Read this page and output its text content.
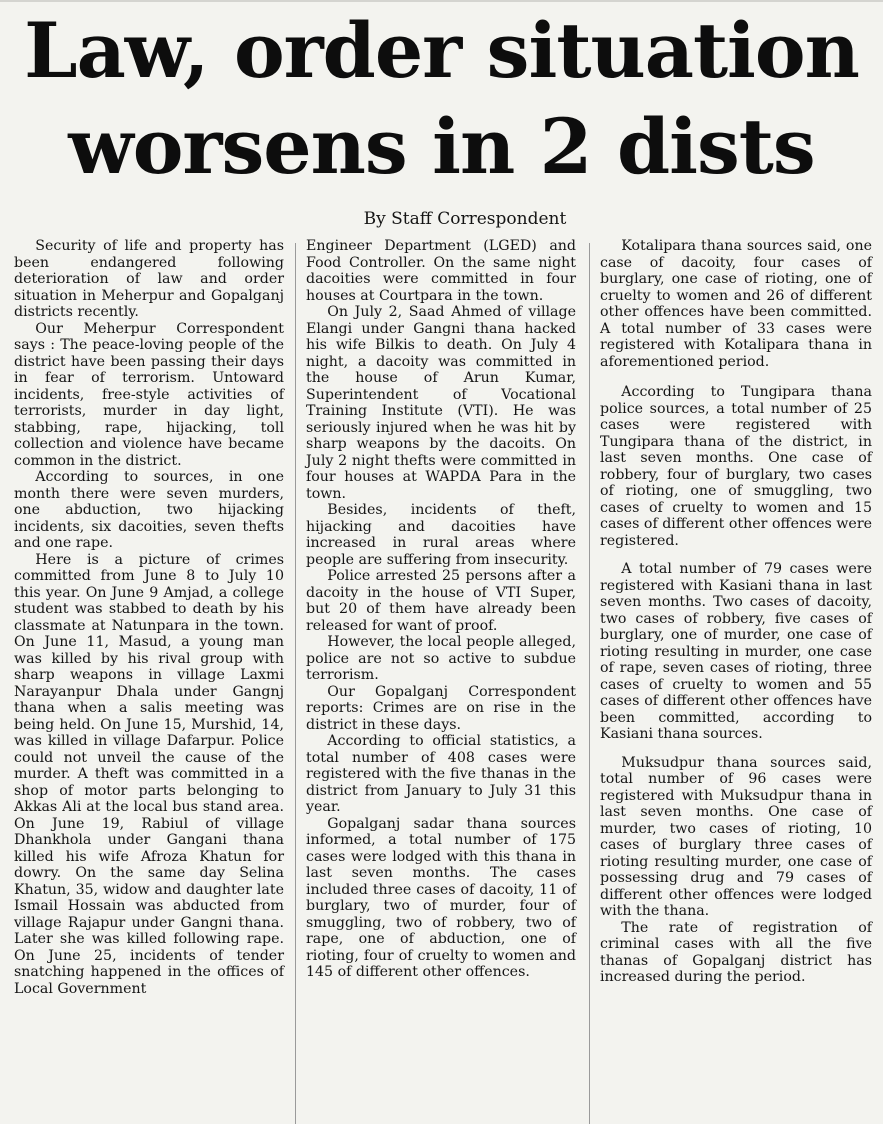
Law, order situation
worsens in 2 dists
By Staff Correspondent

Security of life and property has been endangered following deterioration of law and order situation in Meherpur and Gopalganj districts recently.

Our Meherpur Correspondent says : The peace-loving people of the district have been passing their days in fear of terrorism. Untoward incidents, free-style activities of terrorists, murder in day light, stabbing, rape, hijacking, toll collection and violence have became common in the district.

According to sources, in one month there were seven murders, one abduction, two hijacking incidents, six dacoities, seven thefts and one rape.

Here is a picture of crimes committed from June 8 to July 10 this year. On June 9 Amjad, a college student was stabbed to death by his classmate at Natunpara in the town. On June 11, Masud, a young man was killed by his rival group with sharp weapons in village Laxmi Narayanpur Dhala under Gangnj thana when a salis meeting was being held. On June 15, Murshid, 14, was killed in village Dafarpur. Police could not unveil the cause of the murder. A theft was committed in a shop of motor parts belonging to Akkas Ali at the local bus stand area. On June 19, Rabiul of village Dhankhola under Gangani thana killed his wife Afroza Khatun for dowry. On the same day Selina Khatun, 35, widow and daughter late Ismail Hossain was abducted from village Rajapur under Gangni thana. Later she was killed following rape. On June 25, incidents of tender snatching happened in the offices of Local Government

Engineer Department (LGED) and Food Controller. On the same night dacoities were committed in four houses at Courtpara in the town.

On July 2, Saad Ahmed of village Elangi under Gangni thana hacked his wife Bilkis to death. On July 4 night, a dacoity was committed in the house of Arun Kumar, Superintendent of Vocational Training Institute (VTI). He was seriously injured when he was hit by sharp weapons by the dacoits. On July 2 night thefts were committed in four houses at WAPDA Para in the town.

Besides, incidents of theft, hijacking and dacoities have increased in rural areas where people are suffering from insecurity.

Police arrested 25 persons after a dacoity in the house of VTI Super, but 20 of them have already been released for want of proof.

However, the local people alleged, police are not so active to subdue terrorism.

Our Gopalganj Correspondent reports: Crimes are on rise in the district in these days.

According to official statistics, a total number of 408 cases were registered with the five thanas in the district from January to July 31 this year.

Gopalganj sadar thana sources informed, a total number of 175 cases were lodged with this thana in last seven months. The cases included three cases of dacoity, 11 of burglary, two of murder, four of smuggling, two of robbery, two of rape, one of abduction, one of rioting, four of cruelty to women and 145 of different other offences.

Kotalipara thana sources said, one case of dacoity, four cases of burglary, one case of rioting, one of cruelty to women and 26 of different other offences have been committed. A total number of 33 cases were registered with Kotalipara thana in aforementioned period.

According to Tungipara thana police sources, a total number of 25 cases were registered with Tungipara thana of the district, in last seven months. One case of robbery, four of burglary, two cases of rioting, one of smuggling, two cases of cruelty to women and 15 cases of different other offences were registered.

A total number of 79 cases were registered with Kasiani thana in last seven months. Two cases of dacoity, two cases of robbery, five cases of burglary, one of murder, one case of rioting resulting in murder, one case of rape, seven cases of rioting, three cases of cruelty to women and 55 cases of different other offences have been committed, according to Kasiani thana sources.

Muksudpur thana sources said, total number of 96 cases were registered with Muksudpur thana in last seven months. One case of murder, two cases of rioting, 10 cases of burglary three cases of rioting resulting murder, one case of possessing drug and 79 cases of different other offences were lodged with the thana.

The rate of registration of criminal cases with all the five thanas of Gopalganj district has increased during the period.
